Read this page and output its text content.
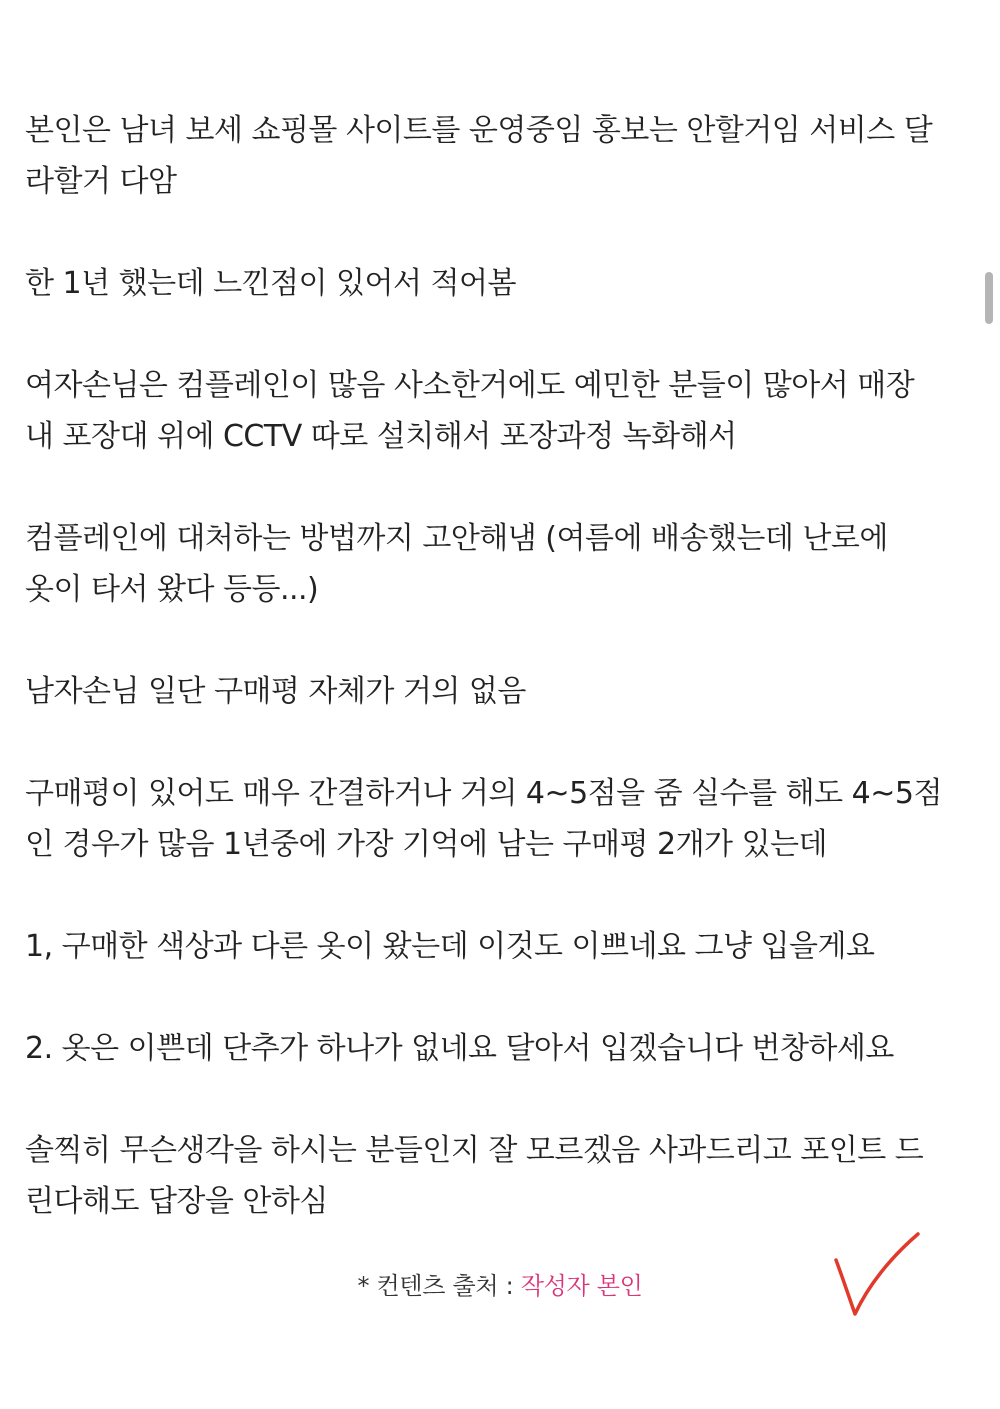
본인은 남녀 보세 쇼핑몰 사이트를 운영중임 홍보는 안할거임 서비스 달
라할거 다암
한 1년 했는데 느낀점이 있어서 적어봄
여자손님은 컴플레인이 많음 사소한거에도 예민한 분들이 많아서 매장
내 포장대 위에 CCTV 따로 설치해서 포장과정 녹화해서
컴플레인에 대처하는 방법까지 고안해냄 (여름에 배송했는데 난로에
옷이 타서 왔다 등등...)
남자손님 일단 구매평 자체가 거의 없음
구매평이 있어도 매우 간결하거나 거의 4~5점을 줌 실수를 해도 4~5점
인 경우가 많음 1년중에 가장 기억에 남는 구매평 2개가 있는데
1, 구매한 색상과 다른 옷이 왔는데 이것도 이쁘네요 그냥 입을게요
2. 옷은 이쁜데 단추가 하나가 없네요 달아서 입겠습니다 번창하세요
솔찍히 무슨생각을 하시는 분들인지 잘 모르겠음 사과드리고 포인트 드
린다해도 답장을 안하심
* 컨텐츠 출처 : 작성자 본인
